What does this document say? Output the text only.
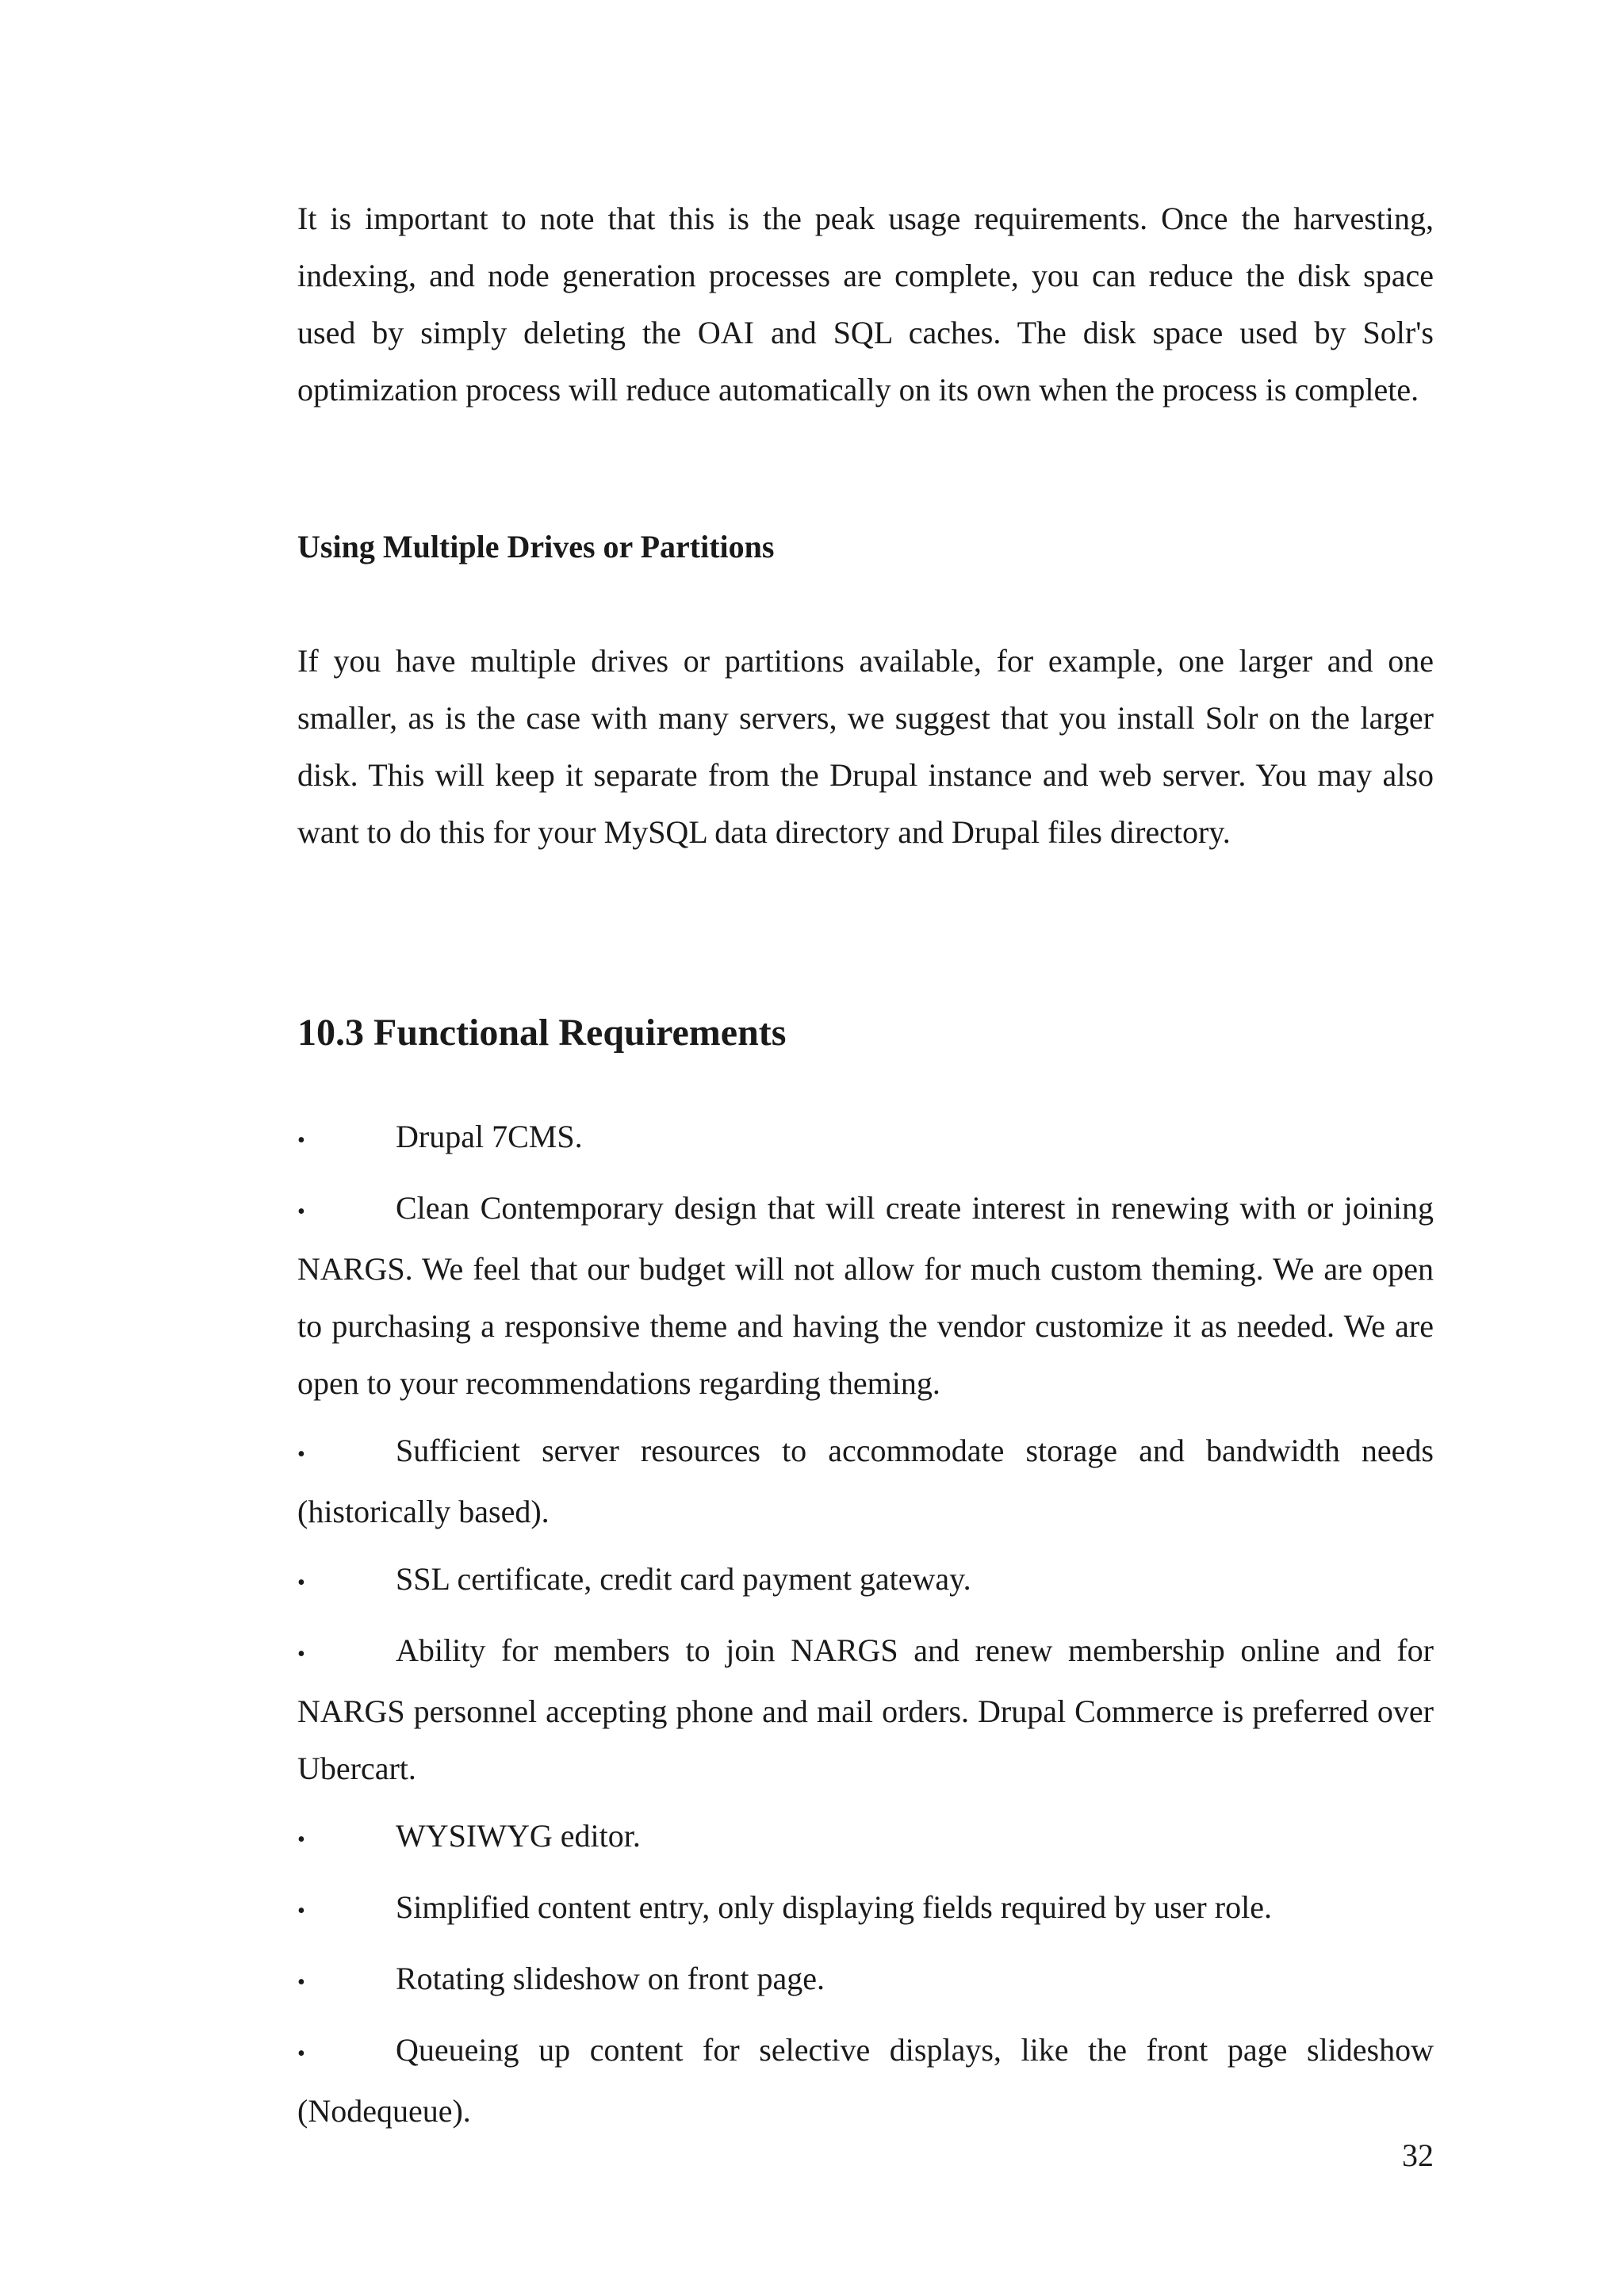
It is important to note that this is the peak usage requirements. Once the harvesting, indexing, and node generation processes are complete, you can reduce the disk space used by simply deleting the OAI and SQL caches. The disk space used by Solr's optimization process will reduce automatically on its own when the process is complete.

Using Multiple Drives or Partitions

If you have multiple drives or partitions available, for example, one larger and one smaller, as is the case with many servers, we suggest that you install Solr on the larger disk. This will keep it separate from the Drupal instance and web server. You may also want to do this for your MySQL data directory and Drupal files directory.

10.3 Functional Requirements
•	Drupal 7CMS.
•	Clean Contemporary design that will create interest in renewing with or joining NARGS. We feel that our budget will not allow for much custom theming. We are open to purchasing a responsive theme and having the vendor customize it as needed. We are open to your recommendations regarding theming.
•	Sufficient server resources to accommodate storage and bandwidth needs (historically based).
•	SSL certificate, credit card payment gateway.
•	Ability for members to join NARGS and renew membership online and for NARGS personnel accepting phone and mail orders. Drupal Commerce is preferred over Ubercart.
•	WYSIWYG editor.
•	Simplified content entry, only displaying fields required by user role.
•	Rotating slideshow on front page.
•	Queueing up content for selective displays, like the front page slideshow (Nodequeue).
32
